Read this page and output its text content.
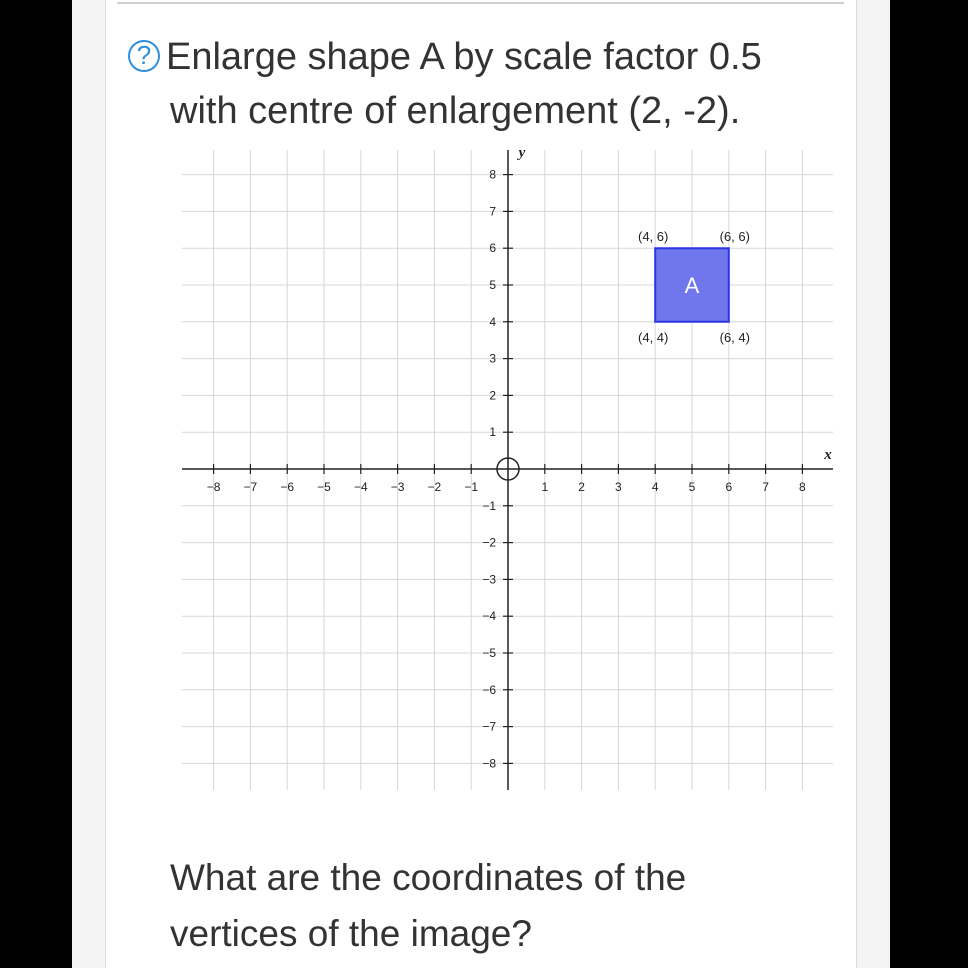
? Enlarge shape A by scale factor 0.5
with centre of enlargement (2, -2).
−8 −7 −6 −5 −4 −3 −2 −1	1	2	3	4	5	6	7	8
8
7
6
5
4
3
2
1
−1
−2
−3
−4
−5
−6
−7
−8
x
y
A
(4, 6)	(6, 6)
(6, 4)
(4, 4)
What are the coordinates of the
vertices of the image?
